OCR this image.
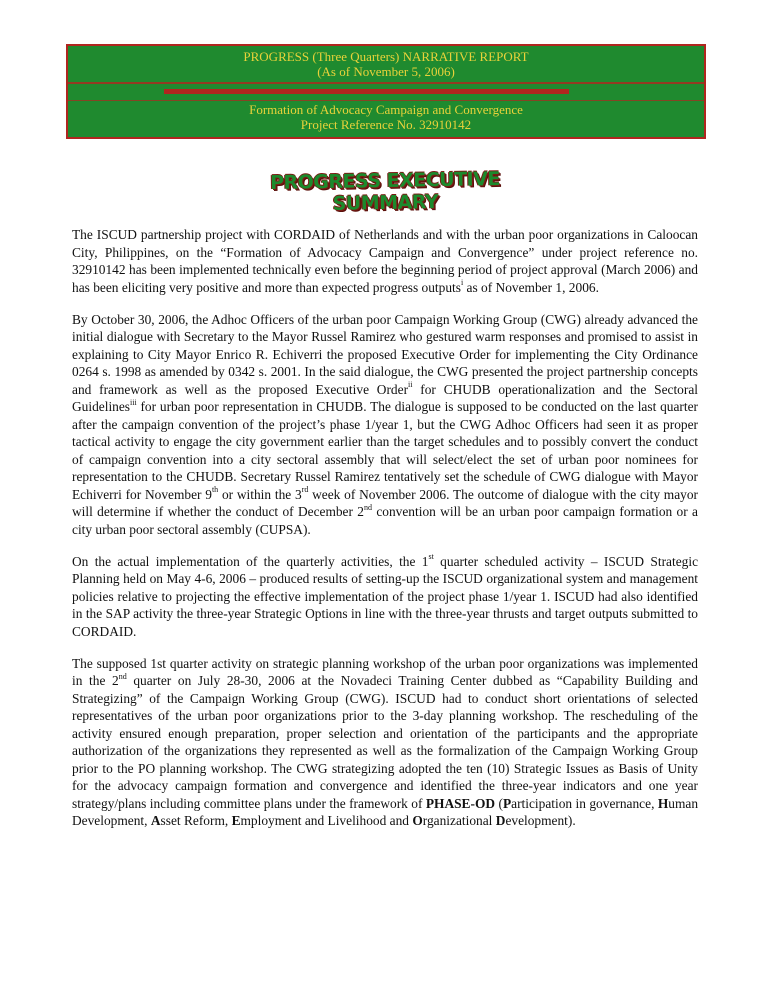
PROGRESS (Three Quarters) NARRATIVE REPORT
(As of November 5, 2006)
Formation of Advocacy Campaign and Convergence
Project Reference No. 32910142
PROGRESS EXECUTIVE SUMMARY

The ISCUD partnership project with CORDAID of Netherlands and with the urban poor organizations in Caloocan City, Philippines, on the “Formation of Advocacy Campaign and Convergence” under project reference no. 32910142 has been implemented technically even before the beginning period of project approval (March 2006) and has been eliciting very positive and more than expected progress outputs$^i$ as of November 1, 2006.

By October 30, 2006, the Adhoc Officers of the urban poor Campaign Working Group (CWG) already advanced the initial dialogue with Secretary to the Mayor Russel Ramirez who gestured warm responses and promised to assist in explaining to City Mayor Enrico R. Echiverri the proposed Executive Order for implementing the City Ordinance 0264 s. 1998 as amended by 0342 s. 2001. In the said dialogue, the CWG presented the project partnership concepts and framework as well as the proposed Executive Order$^{ii}$ for CHUDB operationalization and the Sectoral Guidelines$^{iii}$ for urban poor representation in CHUDB. The dialogue is supposed to be conducted on the last quarter after the campaign convention of the project’s phase 1/year 1, but the CWG Adhoc Officers had seen it as proper tactical activity to engage the city government earlier than the target schedules and to possibly convert the conduct of campaign convention into a city sectoral assembly that will select/elect the set of urban poor nominees for representation to the CHUDB. Secretary Russel Ramirez tentatively set the schedule of CWG dialogue with Mayor Echiverri for November 9th or within the 3rd week of November 2006. The outcome of dialogue with the city mayor will determine if whether the conduct of December 2nd convention will be an urban poor campaign formation or a city urban poor sectoral assembly (CUPSA).

On the actual implementation of the quarterly activities, the 1st quarter scheduled activity – ISCUD Strategic Planning held on May 4-6, 2006 – produced results of setting-up the ISCUD organizational system and management policies relative to projecting the effective implementation of the project phase 1/year 1. ISCUD had also identified in the SAP activity the three-year Strategic Options in line with the three-year thrusts and target outputs submitted to CORDAID.

The supposed 1st quarter activity on strategic planning workshop of the urban poor organizations was implemented in the 2nd quarter on July 28-30, 2006 at the Novadeci Training Center dubbed as “Capability Building and Strategizing” of the Campaign Working Group (CWG). ISCUD had to conduct short orientations of selected representatives of the urban poor organizations prior to the 3-day planning workshop. The rescheduling of the activity ensured enough preparation, proper selection and orientation of the participants and the appropriate authorization of the organizations they represented as well as the formalization of the Campaign Working Group prior to the PO planning workshop. The CWG strategizing adopted the ten (10) Strategic Issues as Basis of Unity for the advocacy campaign formation and convergence and identified the three-year indicators and one year strategy/plans including committee plans under the framework of PHASE-OD (Participation in governance, Human Development, Asset Reform, Employment and Livelihood and Organizational Development).
